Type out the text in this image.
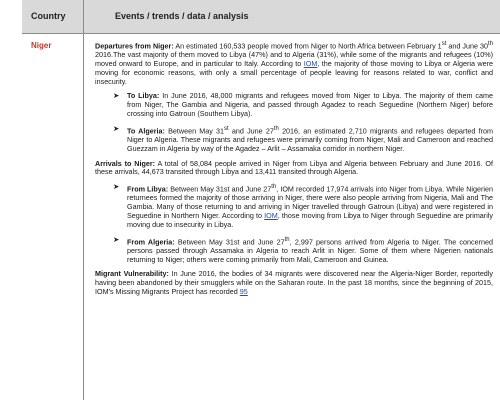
Country	Events / trends / data / analysis
Niger	Departures from Niger: An estimated 160,533 people moved from Niger to North Africa between February 1st and June 30th 2016.The vast majority of them moved to Libya (47%) and to Algeria (31%), while some of the migrants and refugees (10%) moved onward to Europe, and in particular to Italy. According to IOM, the majority of those moving to Libya or Algeria were moving for economic reasons, with only a small percentage of people leaving for reasons related to war, conflict and insecurity.

➤ To Libya: In June 2016, 48,000 migrants and refugees moved from Niger to Libya. The majority of them came from Niger, The Gambia and Nigeria, and passed through Agadez to reach Seguedine (Northern Niger) before crossing into Gatroun (Southern Libya).
➤ To Algeria: Between May 31st and June 27th 2016, an estimated 2,710 migrants and refugees departed from Niger to Algeria. These migrants and refugees were primarily coming from Niger, Mali and Cameroon and reached Guezzam in Algeria by way of the Agadez – Arlit – Assamaka corridor in northern Niger.

Arrivals to Niger: A total of 58,084 people arrived in Niger from Libya and Algeria between February and June 2016. Of these arrivals, 44,673 transited through Libya and 13,411 transited through Algeria.

➤ From Libya: Between May 31st and June 27th, IOM recorded 17,974 arrivals into Niger from Libya. While Nigerien returnees formed the majority of those arriving in Niger, there were also people arriving from Nigeria, Mali and The Gambia. Many of those returning to and arriving in Niger travelled through Gatroun (Libya) and were registered in Seguedine in Northern Niger. According to IOM, those moving from Libya to Niger through Seguedine are primarily moving due to insecurity in Libya.
➤ From Algeria: Between May 31st and June 27th, 2,997 persons arrived from Algeria to Niger. The concerned persons passed through Assamaka in Algeria to reach Arlit in Niger. Some of them where Nigerien nationals returning to Niger; others were coming primarily from Mali, Cameroon and Guinea.

Migrant Vulnerability: In June 2016, the bodies of 34 migrants were discovered near the Algeria-Niger Border, reportedly having been abandoned by their smugglers while on the Saharan route. In the past 18 months, since the beginning of 2015, IOM's Missing Migrants Project has recorded 95
